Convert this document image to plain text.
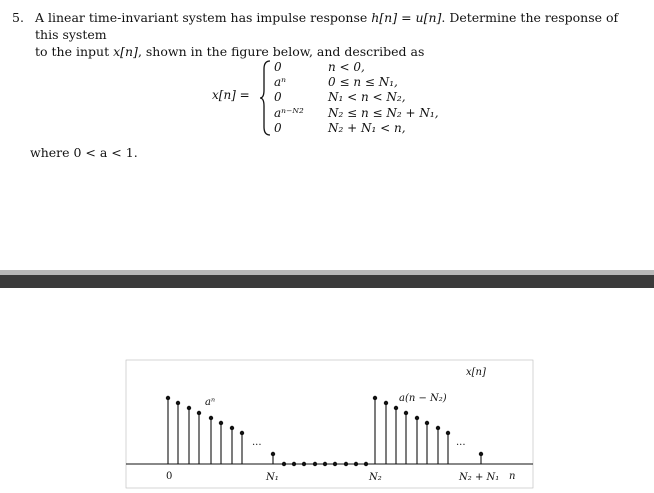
5. A linear time-invariant system has impulse response h[n] = u[n]. Determine the response of this system
to the input x[n], shown in the figure below, and described as
x[n] =
0	n < 0,
aⁿ	0 ≤ n ≤ N₁,
0	N₁ < n < N₂,
aⁿ⁻ᴺ² N₂ ≤ n ≤ N₂ + N₁,
0	N₂ + N₁ < n,
where 0 < a < 1.
x[n]
aⁿ	a(n − N₂)
...	...
0	N₁	N₂	N₂ + N₁ n
